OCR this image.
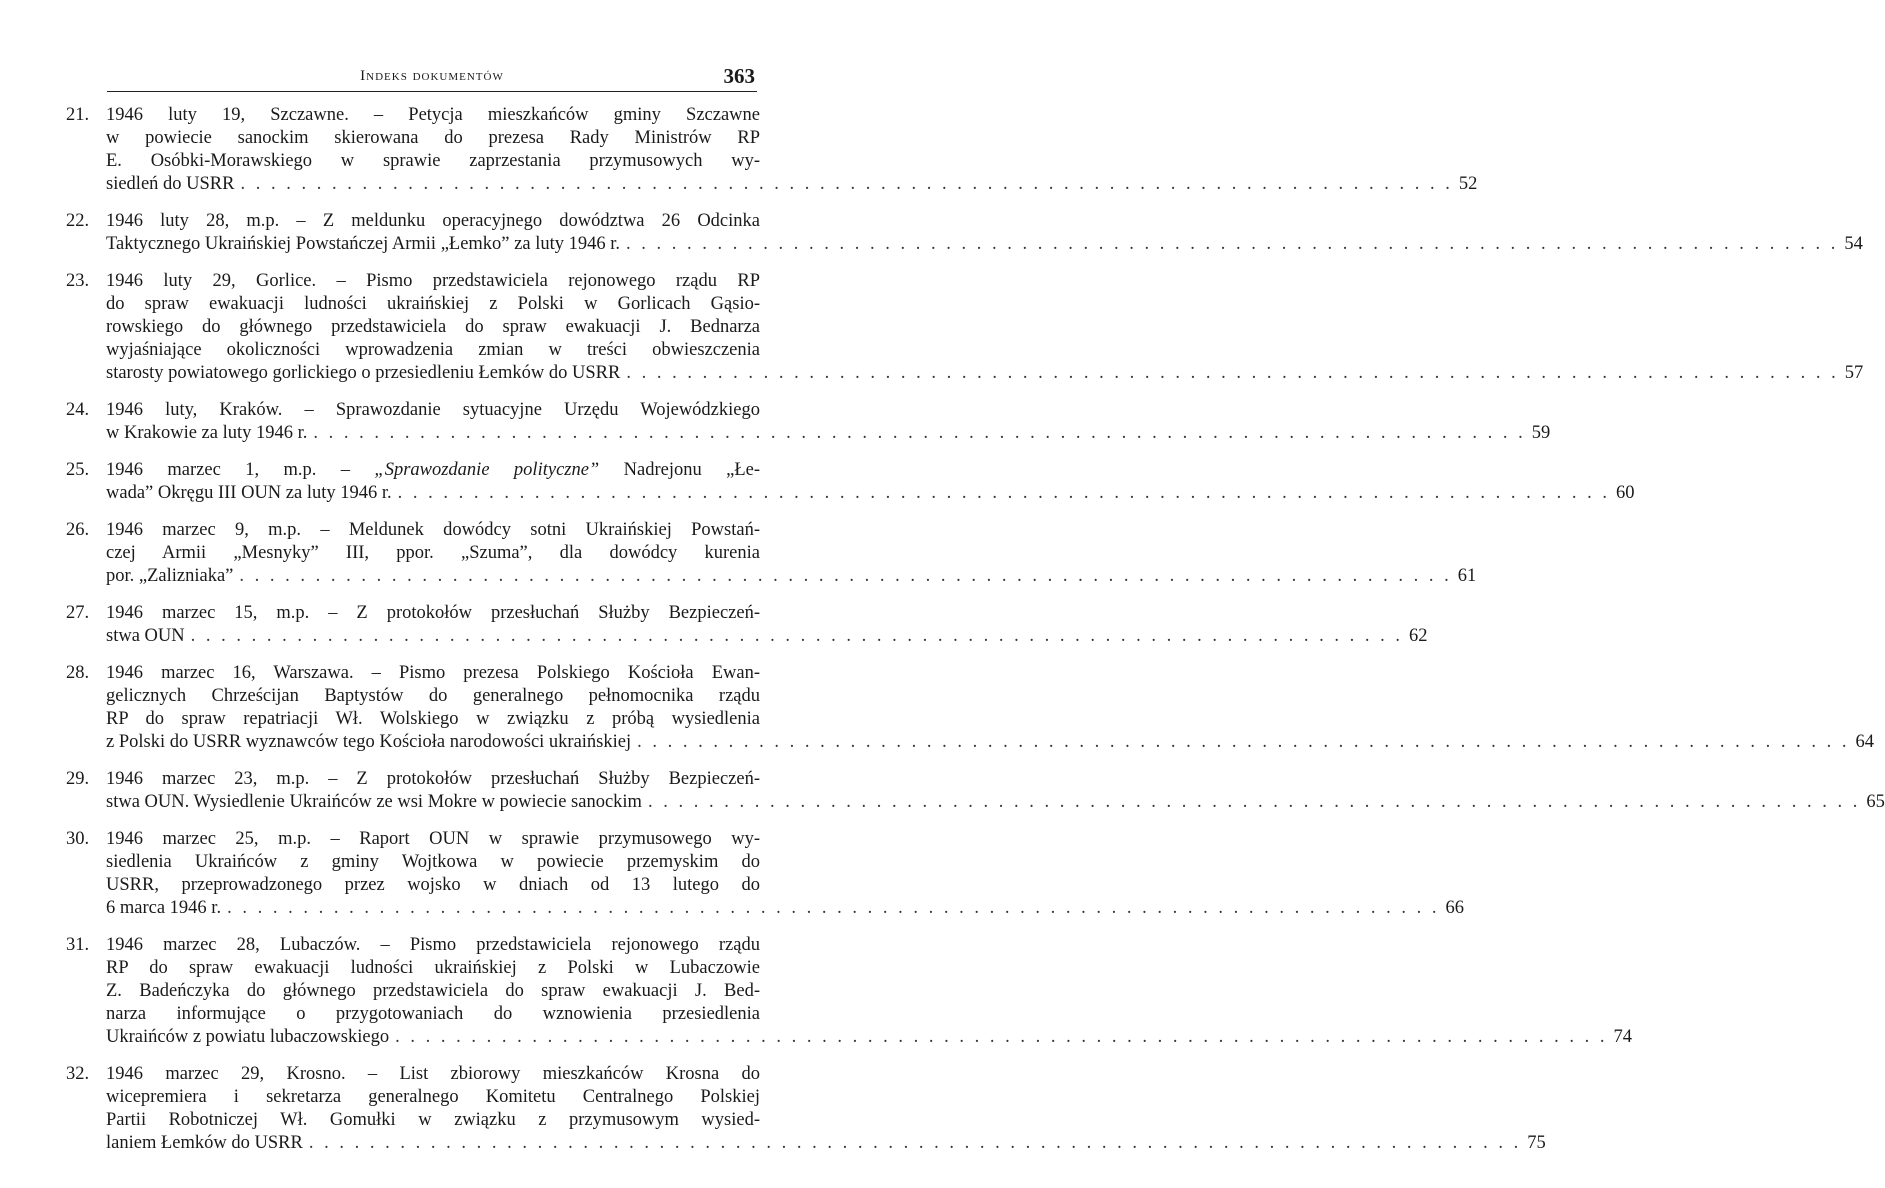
Indeks dokumentów	363
21. 1946 luty 19, Szczawne. – Petycja mieszkańców gminy Szczawne
w powiecie sanockim skierowana do prezesa Rady Ministrów RP
E. Osóbki-Morawskiego w sprawie zaprzestania przymusowych wy-
siedleń do USRR . . . . . . . . . . . . . . . . . . . . . . . . . . . . . . . . . . . . . . . . . . . . . . . . . . . . . . . . . . . . . . . . . . . . . . . . . . . . . . . . 52
22. 1946 luty 28, m.p. – Z meldunku operacyjnego dowództwa 26 Odcinka
Taktycznego Ukraińskiej Powstańczej Armii „Łemko” za luty 1946 r. . . . . . . . . . . . . . . . . . . . . . . . . . . . . . . . . . . . . . . . . . . . . . . . . . . . . . . . . . . . . . . . . . . . . . . . . . . . . . . . . 54
23. 1946 luty 29, Gorlice. – Pismo przedstawiciela rejonowego rządu RP
do spraw ewakuacji ludności ukraińskiej z Polski w Gorlicach Gąsio-
rowskiego do głównego przedstawiciela do spraw ewakuacji J. Bednarza
wyjaśniające okoliczności wprowadzenia zmian w treści obwieszczenia
starosty powiatowego gorlickiego o przesiedleniu Łemków do USRR . . . . . . . . . . . . . . . . . . . . . . . . . . . . . . . . . . . . . . . . . . . . . . . . . . . . . . . . . . . . . . . . . . . . . . . . . . . . . . . . 57
24. 1946 luty, Kraków. – Sprawozdanie sytuacyjne Urzędu Wojewódzkiego
w Krakowie za luty 1946 r. . . . . . . . . . . . . . . . . . . . . . . . . . . . . . . . . . . . . . . . . . . . . . . . . . . . . . . . . . . . . . . . . . . . . . . . . . . . . . . . . 59
25. 1946 marzec 1, m.p. – „Sprawozdanie polityczne” Nadrejonu „Łe-
wada” Okręgu III OUN za luty 1946 r. . . . . . . . . . . . . . . . . . . . . . . . . . . . . . . . . . . . . . . . . . . . . . . . . . . . . . . . . . . . . . . . . . . . . . . . . . . . . . . . . 60
26. 1946 marzec 9, m.p. – Meldunek dowódcy sotni Ukraińskiej Powstań-
czej Armii „Mesnyky” III, ppor. „Szuma”, dla dowódcy kurenia
por. „Zalizniaka” . . . . . . . . . . . . . . . . . . . . . . . . . . . . . . . . . . . . . . . . . . . . . . . . . . . . . . . . . . . . . . . . . . . . . . . . . . . . . . . . 61
27. 1946 marzec 15, m.p. – Z protokołów przesłuchań Służby Bezpieczeń-
stwa OUN . . . . . . . . . . . . . . . . . . . . . . . . . . . . . . . . . . . . . . . . . . . . . . . . . . . . . . . . . . . . . . . . . . . . . . . . . . . . . . . . 62
28. 1946 marzec 16, Warszawa. – Pismo prezesa Polskiego Kościoła Ewan-
gelicznych Chrześcijan Baptystów do generalnego pełnomocnika rządu
RP do spraw repatriacji Wł. Wolskiego w związku z próbą wysiedlenia
z Polski do USRR wyznawców tego Kościoła narodowości ukraińskiej . . . . . . . . . . . . . . . . . . . . . . . . . . . . . . . . . . . . . . . . . . . . . . . . . . . . . . . . . . . . . . . . . . . . . . . . . . . . . . . . 64
29. 1946 marzec 23, m.p. – Z protokołów przesłuchań Służby Bezpieczeń-
stwa OUN. Wysiedlenie Ukraińców ze wsi Mokre w powiecie sanockim . . . . . . . . . . . . . . . . . . . . . . . . . . . . . . . . . . . . . . . . . . . . . . . . . . . . . . . . . . . . . . . . . . . . . . . . . . . . . . . . 65
30. 1946 marzec 25, m.p. – Raport OUN w sprawie przymusowego wy-
siedlenia Ukraińców z gminy Wojtkowa w powiecie przemyskim do
USRR, przeprowadzonego przez wojsko w dniach od 13 lutego do
6 marca 1946 r. . . . . . . . . . . . . . . . . . . . . . . . . . . . . . . . . . . . . . . . . . . . . . . . . . . . . . . . . . . . . . . . . . . . . . . . . . . . . . . . . 66
31. 1946 marzec 28, Lubaczów. – Pismo przedstawiciela rejonowego rządu
RP do spraw ewakuacji ludności ukraińskiej z Polski w Lubaczowie
Z. Badeńczyka do głównego przedstawiciela do spraw ewakuacji J. Bed-
narza informujące o przygotowaniach do wznowienia przesiedlenia
Ukraińców z powiatu lubaczowskiego . . . . . . . . . . . . . . . . . . . . . . . . . . . . . . . . . . . . . . . . . . . . . . . . . . . . . . . . . . . . . . . . . . . . . . . . . . . . . . . . 74
32. 1946 marzec 29, Krosno. – List zbiorowy mieszkańców Krosna do
wicepremiera i sekretarza generalnego Komitetu Centralnego Polskiej
Partii Robotniczej Wł. Gomułki w związku z przymusowym wysied-
laniem Łemków do USRR . . . . . . . . . . . . . . . . . . . . . . . . . . . . . . . . . . . . . . . . . . . . . . . . . . . . . . . . . . . . . . . . . . . . . . . . . . . . . . . . 75
